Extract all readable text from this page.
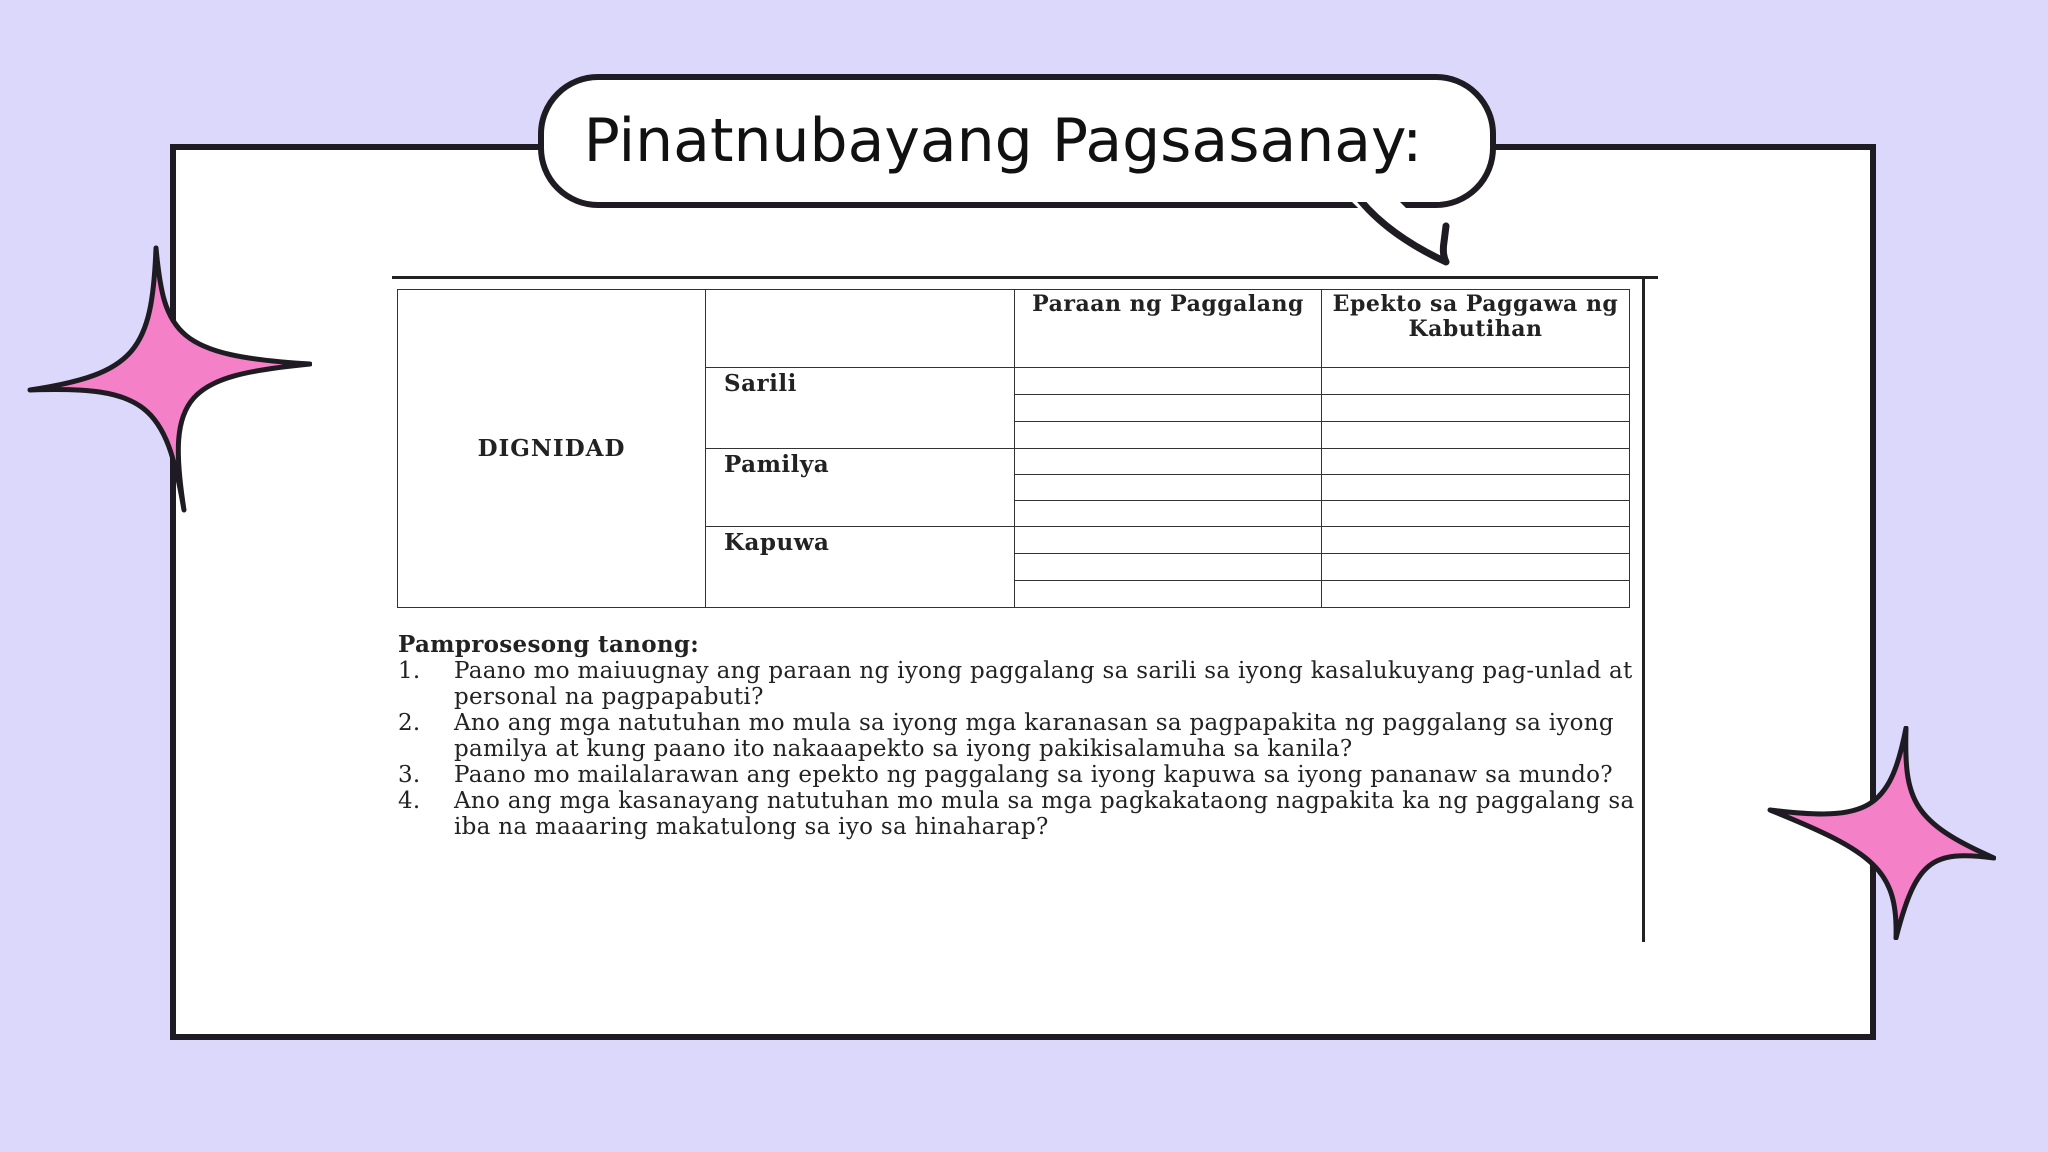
Pinatnubayang Pagsasanay:
DIGNIDAD		Paraan ng Paggalang	Epekto sa Paggawa ng Kabutihan
	Sarili		

	Pamilya		

	Kapuwa		

Pamprosesong tanong:
1.	Paano mo maiuugnay ang paraan ng iyong paggalang sa sarili sa iyong kasalukuyang pag-unlad at personal na pagpapabuti?
2.	Ano ang mga natutuhan mo mula sa iyong mga karanasan sa pagpapakita ng paggalang sa iyong pamilya at kung paano ito nakaaapekto sa iyong pakikisalamuha sa kanila?
3.	Paano mo mailalarawan ang epekto ng paggalang sa iyong kapuwa sa iyong pananaw sa mundo?
4.	Ano ang mga kasanayang natutuhan mo mula sa mga pagkakataong nagpakita ka ng paggalang sa iba na maaaring makatulong sa iyo sa hinaharap?
